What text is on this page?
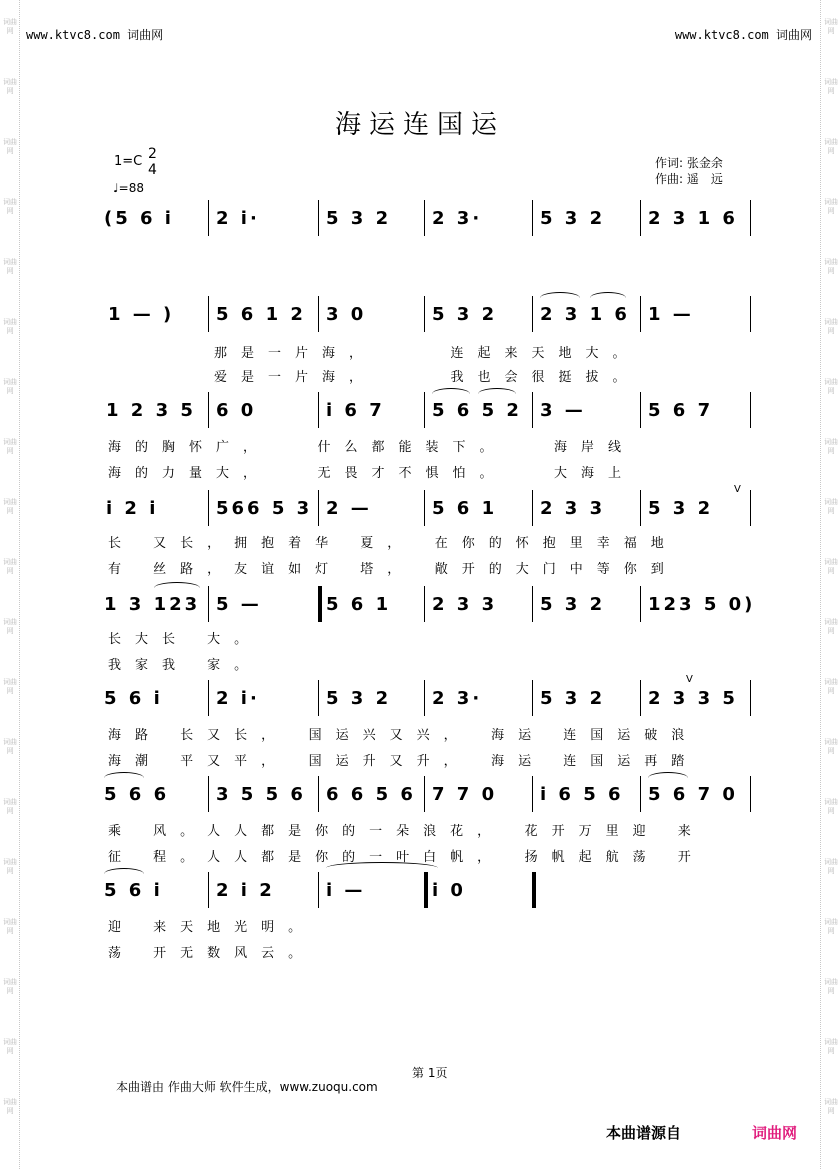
词曲网
词曲网
词曲网
词曲网
词曲网
词曲网
词曲网
词曲网
词曲网
词曲网
词曲网
词曲网
词曲网
词曲网
词曲网
词曲网
词曲网
词曲网
词曲网
词曲网
词曲网
词曲网
词曲网
词曲网
词曲网
词曲网
词曲网
词曲网
词曲网
词曲网
词曲网
词曲网
词曲网
词曲网
词曲网
词曲网
词曲网
词曲网
www.ktvc8.com 词曲网	www.ktvc8.com 词曲网
海运连国运
1=C 2
4
♩=88
作词: 张金余
作曲: 遥　远
(5 6 i 2 i·	5 3 2 2 3·	5 3 2 2 3 1 6
1 — ) 5 6 1 2 3 0	5 3 2 2 3 1 6 1 —
那是一片海，　　　连起来天地大。
爱是一片海，　　　我也会很挺拔。
1 2 3 5 6 0	i 6 7	5 6 5 2 3 —	5 6 7
海的胸怀广，　　什么都能装下。　　海岸线
海的力量大，　　无畏才不惧怕。　　大海上
i 2 i	566 5 3 2 —	5 6 1 2 3 3 5 3 2
V
长 又长，拥抱着华 夏，　在你的怀抱里幸福地
有 丝路，友谊如灯 塔，　敞开的大门中等你到
1 3 123 5 —	5 6 1 2 3 3 5 3 2 123 5 0)
长大长 大。
我家我 家。
5 6 i	2 i·	5 3 2 2 3·	5 3 2 2 3 3 5
V
海路 长又长，　国运兴又兴，　海运 连国运破浪
海潮 平又平，　国运升又升，　海运 连国运再踏
5 6 6	3 5 5 6 6 6 5 6 7 7 0 i 6 5 6 5 6 7 0
乘 风。人人都是你的一朵浪花，　花开万里迎 来
征 程。人人都是你的一叶白帆，　扬帆起航荡 开
5 6 i	2 i 2	i —	i 0
迎 来天地光明。
荡 开无数风云。
第 1页
本曲谱由 作曲大师 软件生成，www.zuoqu.com
本曲谱源自	词曲网
